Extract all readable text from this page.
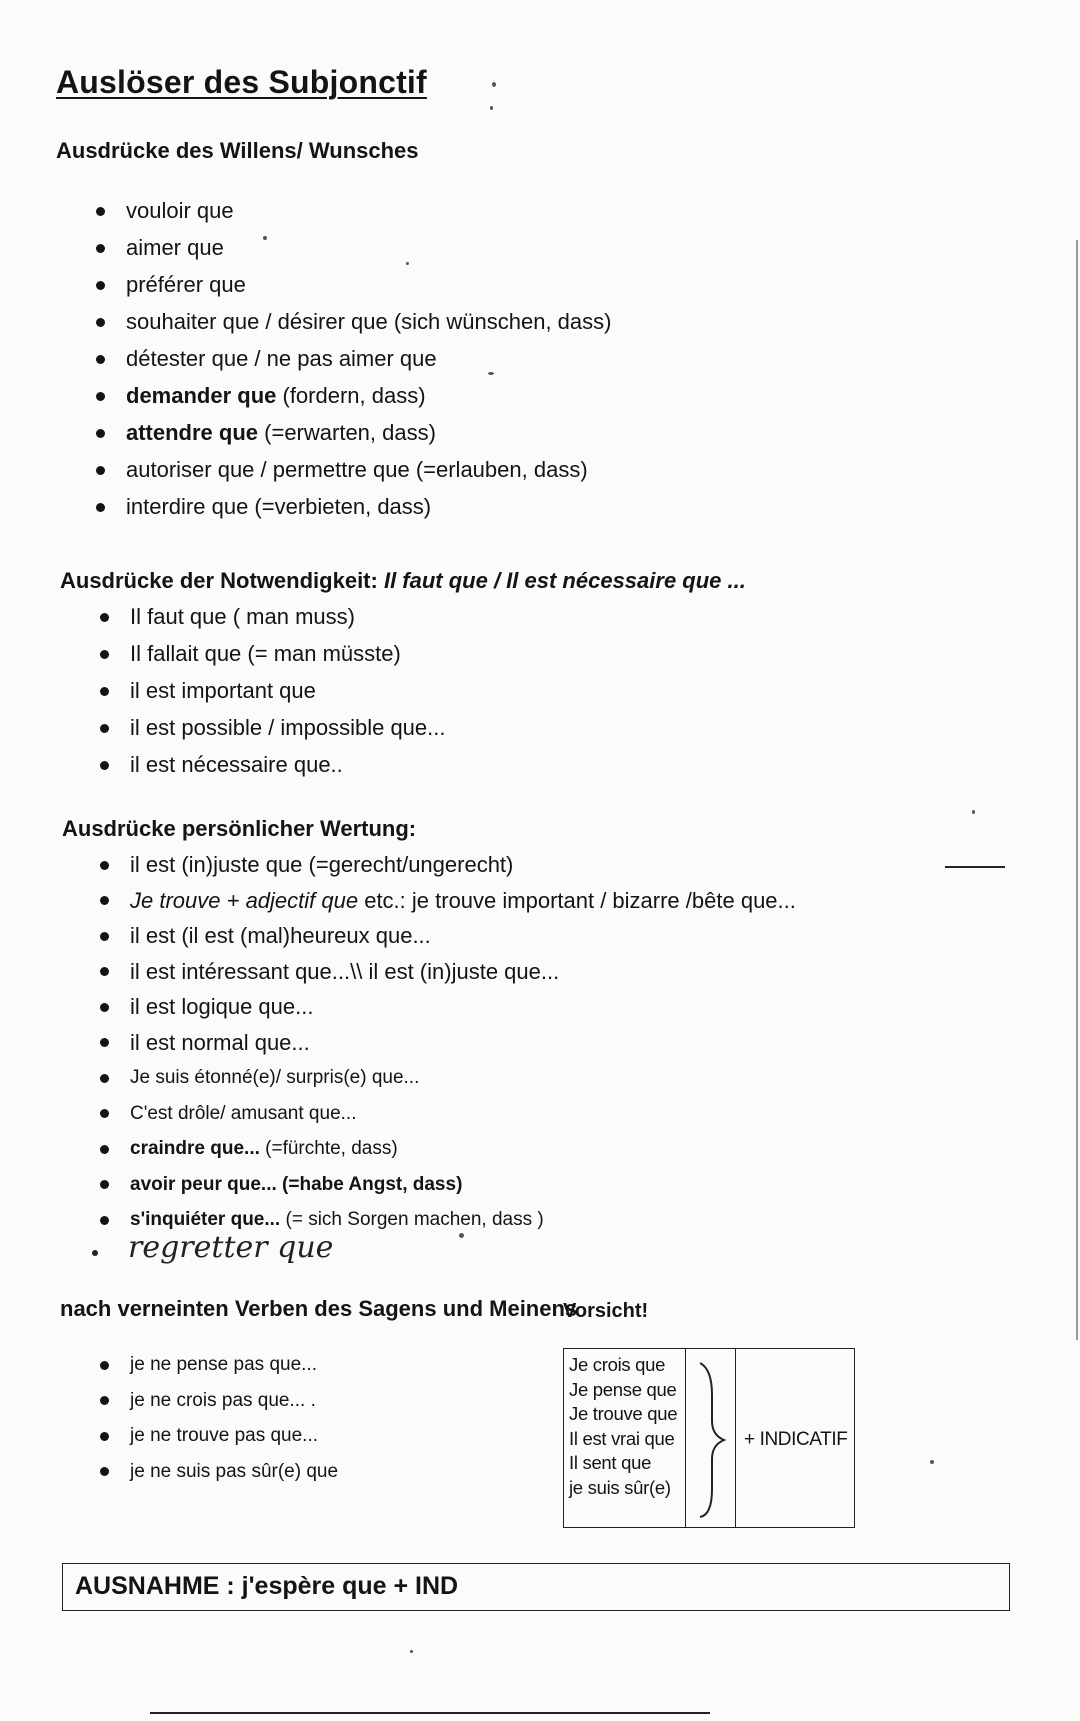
Auslöser des Subjonctif
Ausdrücke des Willens/ Wunsches
vouloir que
aimer que
préférer que
souhaiter que / désirer que (sich wünschen, dass)
détester que / ne pas aimer que
demander que (fordern, dass)
attendre que (=erwarten, dass)
autoriser que / permettre que (=erlauben, dass)
interdire que (=verbieten, dass)
Ausdrücke der Notwendigkeit: Il faut que / Il est nécessaire que ...
Il faut que ( man muss)
Il fallait que (= man müsste)
il est important que
il est possible / impossible que...
il est nécessaire que..
Ausdrücke persönlicher Wertung:
il est (in)juste que (=gerecht/ungerecht)
Je trouve + adjectif que etc.: je trouve important / bizarre /bête que...
il est (il est (mal)heureux que...
il est intéressant que...\\ il est (in)juste que...
il est logique que...
il est normal que...
Je suis étonné(e)/ surpris(e) que...
C'est drôle/ amusant que...
craindre que... (=fürchte, dass)
avoir peur que... (=habe Angst, dass)
s'inquiéter que... (= sich Sorgen machen, dass )
regretter que
nach verneinten Verben des Sagens und Meinens
je ne pense pas que...
je ne crois pas que... .
je ne trouve pas que...
je ne suis pas sûr(e) que
Vorsicht!
Je crois que
Je pense que
Je trouve que
Il est vrai que
Il sent que
je suis sûr(e)
+ INDICATIF
AUSNAHME : j'espère que + IND
